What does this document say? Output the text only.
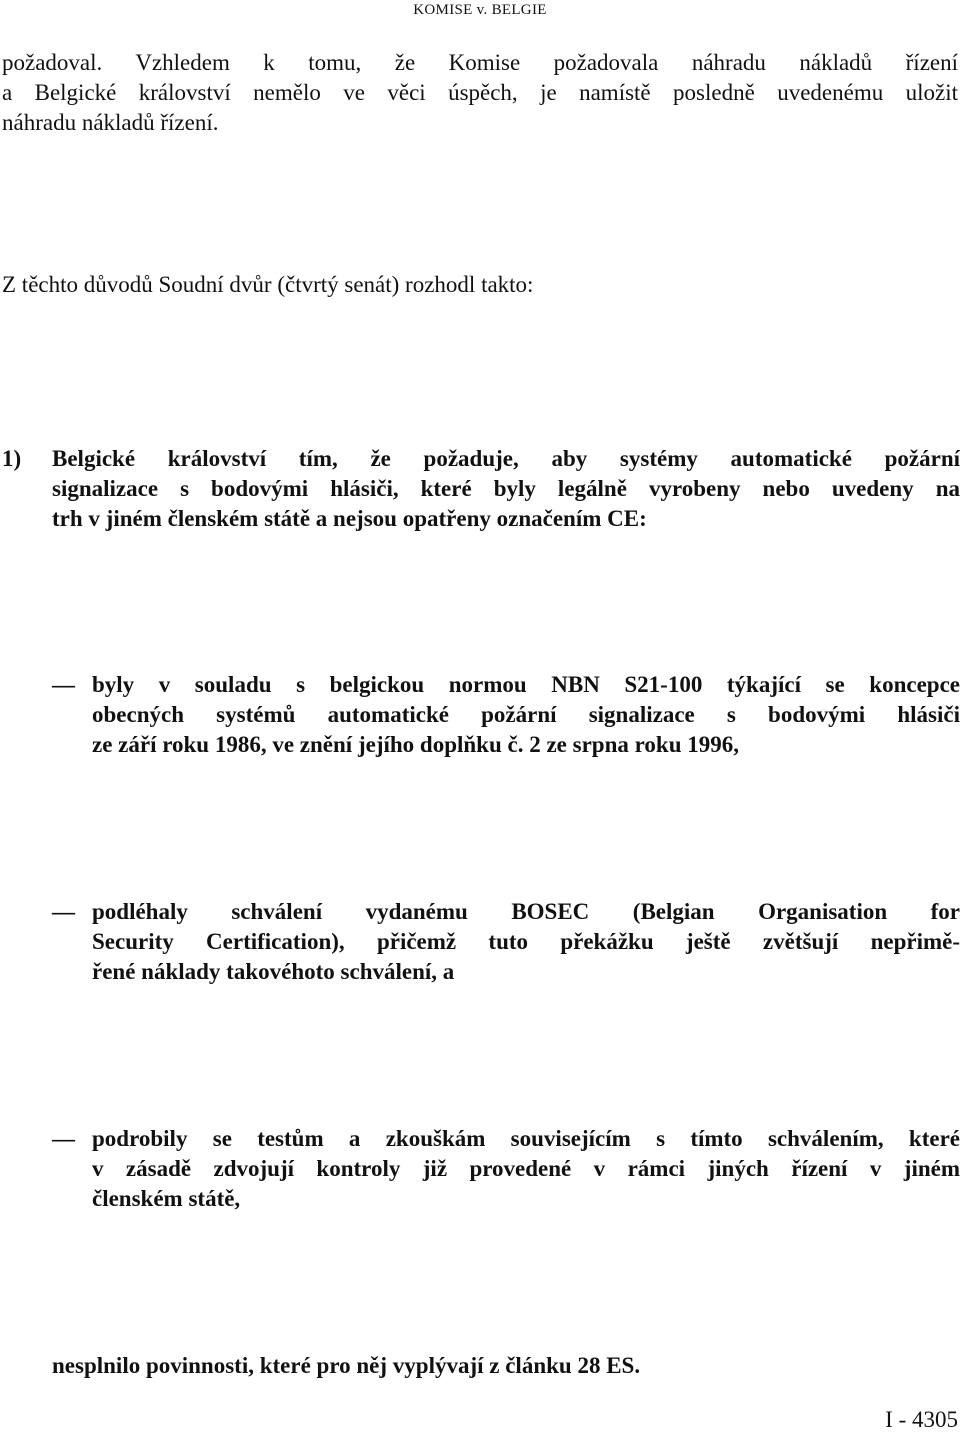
KOMISE v. BELGIE
požadoval. Vzhledem k tomu, že Komise požadovala náhradu nákladů řízení
a Belgické království nemělo ve věci úspěch, je namístě posledně uvedenému uložit
náhradu nákladů řízení.
Z těchto důvodů Soudní dvůr (čtvrtý senát) rozhodl takto:
1)	Belgické království tím, že požaduje, aby systémy automatické požární
signalizace s bodovými hlásiči, které byly legálně vyrobeny nebo uvedeny na
trh v jiném členském státě a nejsou opatřeny označením CE:
— byly v souladu s belgickou normou NBN S21-100 týkající se koncepce
obecných systémů automatické požární signalizace s bodovými hlásiči
ze září roku 1986, ve znění jejího doplňku č. 2 ze srpna roku 1996,
— podléhaly schválení vydanému BOSEC (Belgian Organisation for
Security Certification), přičemž tuto překážku ještě zvětšují nepřimě-
řené náklady takovéhoto schválení, a
— podrobily se testům a zkouškám souvisejícím s tímto schválením, které
v zásadě zdvojují kontroly již provedené v rámci jiných řízení v jiném
členském státě,
nesplnilo povinnosti, které pro něj vyplývají z článku 28 ES.
I - 4305
